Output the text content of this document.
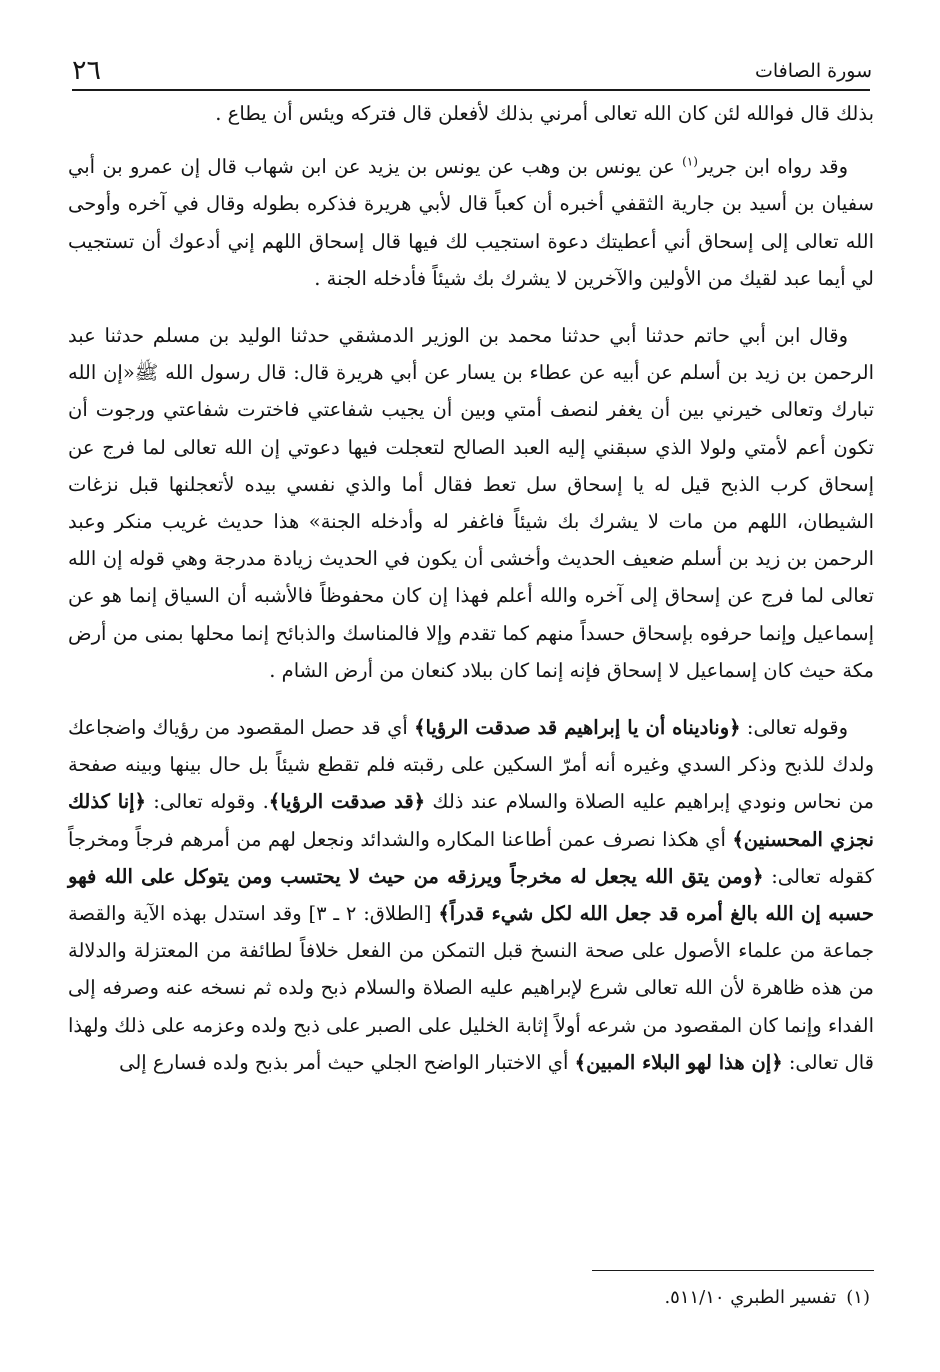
٢٦	سورة الصافات

بذلك قال فوالله لئن كان الله تعالى أمرني بذلك لأفعلن قال فتركه ويئس أن يطاع .

وقد رواه ابن جرير$^{(١)}$ عن يونس بن وهب عن يونس بن يزيد عن ابن شهاب قال إن عمرو بن أبي سفيان بن أسيد بن جارية الثقفي أخبره أن كعباً قال لأبي هريرة فذكره بطوله وقال في آخره وأوحى الله تعالى إلى إسحاق أني أعطيتك دعوة استجيب لك فيها قال إسحاق اللهم إني أدعوك أن تستجيب لي أيما عبد لقيك من الأولين والآخرين لا يشرك بك شيئاً فأدخله الجنة .

وقال ابن أبي حاتم حدثنا أبي حدثنا محمد بن الوزير الدمشقي حدثنا الوليد بن مسلم حدثنا عبد الرحمن بن زيد بن أسلم عن أبيه عن عطاء بن يسار عن أبي هريرة قال: قال رسول الله ﷺ«إن الله تبارك وتعالى خيرني بين أن يغفر لنصف أمتي وبين أن يجيب شفاعتي فاخترت شفاعتي ورجوت أن تكون أعم لأمتي ولولا الذي سبقني إليه العبد الصالح لتعجلت فيها دعوتي إن الله تعالى لما فرج عن إسحاق كرب الذبح قيل له يا إسحاق سل تعط فقال أما والذي نفسي بيده لأتعجلنها قبل نزغات الشيطان، اللهم من مات لا يشرك بك شيئاً فاغفر له وأدخله الجنة» هذا حديث غريب منكر وعبد الرحمن بن زيد بن أسلم ضعيف الحديث وأخشى أن يكون في الحديث زيادة مدرجة وهي قوله إن الله تعالى لما فرج عن إسحاق إلى آخره والله أعلم فهذا إن كان محفوظاً فالأشبه أن السياق إنما هو عن إسماعيل وإنما حرفوه بإسحاق حسداً منهم كما تقدم وإلا فالمناسك والذبائح إنما محلها بمنى من أرض مكة حيث كان إسماعيل لا إسحاق فإنه إنما كان ببلاد كنعان من أرض الشام .

وقوله تعالى: ﴿وناديناه أن يا إبراهيم قد صدقت الرؤيا﴾ أي قد حصل المقصود من رؤياك واضجاعك ولدك للذبح وذكر السدي وغيره أنه أمرّ السكين على رقبته فلم تقطع شيئاً بل حال بينها وبينه صفحة من نحاس ونودي إبراهيم عليه الصلاة والسلام عند ذلك ﴿قد صدقت الرؤيا﴾. وقوله تعالى: ﴿إنا كذلك نجزي المحسنين﴾ أي هكذا نصرف عمن أطاعنا المكاره والشدائد ونجعل لهم من أمرهم فرجاً ومخرجاً كقوله تعالى: ﴿ومن يتق الله يجعل له مخرجاً ويرزقه من حيث لا يحتسب ومن يتوكل على الله فهو حسبه إن الله بالغ أمره قد جعل الله لكل شيء قدراً﴾ [الطلاق: ٢ ـ ٣] وقد استدل بهذه الآية والقصة جماعة من علماء الأصول على صحة النسخ قبل التمكن من الفعل خلافاً لطائفة من المعتزلة والدلالة من هذه ظاهرة لأن الله تعالى شرع لإبراهيم عليه الصلاة والسلام ذبح ولده ثم نسخه عنه وصرفه إلى الفداء وإنما كان المقصود من شرعه أولاً إثابة الخليل على الصبر على ذبح ولده وعزمه على ذلك ولهذا قال تعالى: ﴿إن هذا لهو البلاء المبين﴾ أي الاختبار الواضح الجلي حيث أمر بذبح ولده فسارع إلى

(١)تفسير الطبري ٥١١/١٠.
